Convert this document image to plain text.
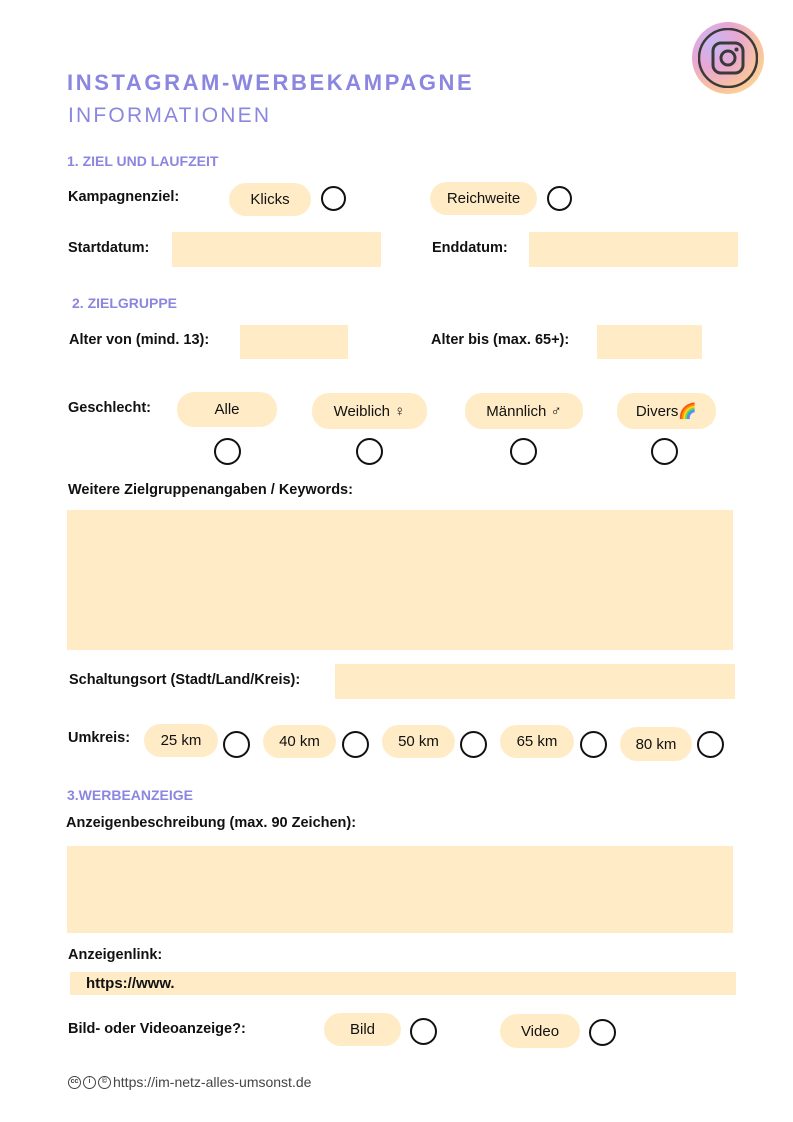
INSTAGRAM-WERBEKAMPAGNE
INFORMATIONEN
1. ZIEL UND LAUFZEIT
Kampagnenziel:	Klicks	Reichweite
Startdatum:	Enddatum:
2. ZIELGRUPPE
Alter von (mind. 13):	Alter bis (max. 65+):
Geschlecht:	Alle	Weiblich ♀	Männlich ♂	Divers🌈
Weitere Zielgruppenangaben / Keywords:
Schaltungsort (Stadt/Land/Kreis):
Umkreis:	25 km	40 km	50 km	65 km	80 km
3.WERBEANZEIGE
Anzeigenbeschreibung (max. 90 Zeichen):
Anzeigenlink:
https://www.
Bild- oder Videoanzeige?:	Bild	Video
cc	i	© https://im-netz-alles-umsonst.de
